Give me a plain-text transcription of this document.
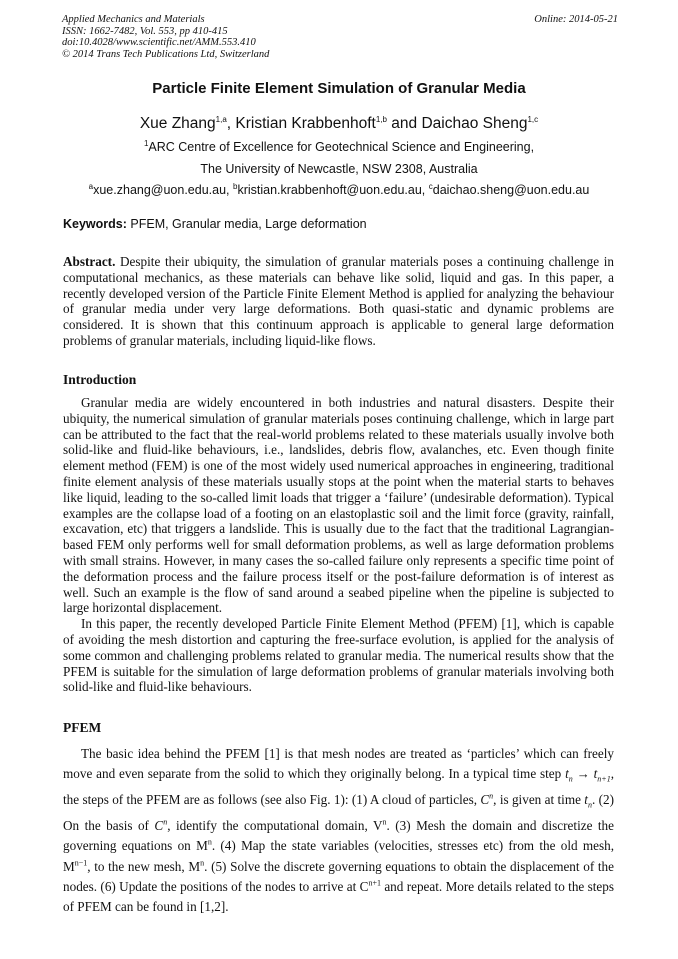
Applied Mechanics and Materials
ISSN: 1662-7482, Vol. 553, pp 410-415
doi:10.4028/www.scientific.net/AMM.553.410
© 2014 Trans Tech Publications Ltd, Switzerland
Online: 2014-05-21
Particle Finite Element Simulation of Granular Media
Xue Zhang$^{1,a}$, Kristian Krabbenhoft$^{1,b}$ and Daichao Sheng$^{1,c}$
$^1$ARC Centre of Excellence for Geotechnical Science and Engineering,
The University of Newcastle, NSW 2308, Australia
$^a$xue.zhang@uon.edu.au, $^b$kristian.krabbenhoft@uon.edu.au, $^c$daichao.sheng@uon.edu.au
Keywords: PFEM, Granular media, Large deformation

Abstract. Despite their ubiquity, the simulation of granular materials poses a continuing challenge in computational mechanics, as these materials can behave like solid, liquid and gas. In this paper, a recently developed version of the Particle Finite Element Method is applied for analyzing the behaviour of granular media under very large deformations. Both quasi-static and dynamic problems are considered. It is shown that this continuum approach is applicable to general large deformation problems of granular materials, including liquid-like flows.

Introduction

Granular media are widely encountered in both industries and natural disasters. Despite their ubiquity, the numerical simulation of granular materials poses continuing challenge, which in large part can be attributed to the fact that the real-world problems related to these materials usually involve both solid-like and fluid-like behaviours, i.e., landslides, debris flow, avalanches, etc. Even though finite element method (FEM) is one of the most widely used numerical approaches in engineering, traditional finite element analysis of these materials usually stops at the point when the material starts to behaves like liquid, leading to the so-called limit loads that trigger a ‘failure’ (undesirable deformation). Typical examples are the collapse load of a footing on an elastoplastic soil and the limit force (gravity, rainfall, excavation, etc) that triggers a landslide. This is usually due to the fact that the traditional Lagrangian-based FEM only performs well for small deformation problems, as well as large deformation problems with small strains. However, in many cases the so-called failure only represents a specific time point of the deformation process and the failure process itself or the post-failure deformation is of interest as well. Such an example is the flow of sand around a seabed pipeline when the pipeline is subjected to large horizontal displacement.

In this paper, the recently developed Particle Finite Element Method (PFEM) [1], which is capable of avoiding the mesh distortion and capturing the free-surface evolution, is applied for the analysis of some common and challenging problems related to granular media. The numerical results show that the PFEM is suitable for the simulation of large deformation problems of granular materials involving both solid-like and fluid-like behaviours.

PFEM

The basic idea behind the PFEM [1] is that mesh nodes are treated as ‘particles’ which can freely move and even separate from the solid to which they originally belong. In a typical time step $t_n \to t_{n+1}$, the steps of the PFEM are as follows (see also Fig. 1): (1) A cloud of particles, $C^n$, is given at time $t_n$. (2) On the basis of $C^n$, identify the computational domain, $V^n$. (3) Mesh the domain and discretize the governing equations on $M^n$. (4) Map the state variables (velocities, stresses etc) from the old mesh, $M^{n-1}$, to the new mesh, $M^n$. (5) Solve the discrete governing equations to obtain the displacement of the nodes. (6) Update the positions of the nodes to arrive at $C^{n+1}$ and repeat. More details related to the steps of PFEM can be found in [1,2].
